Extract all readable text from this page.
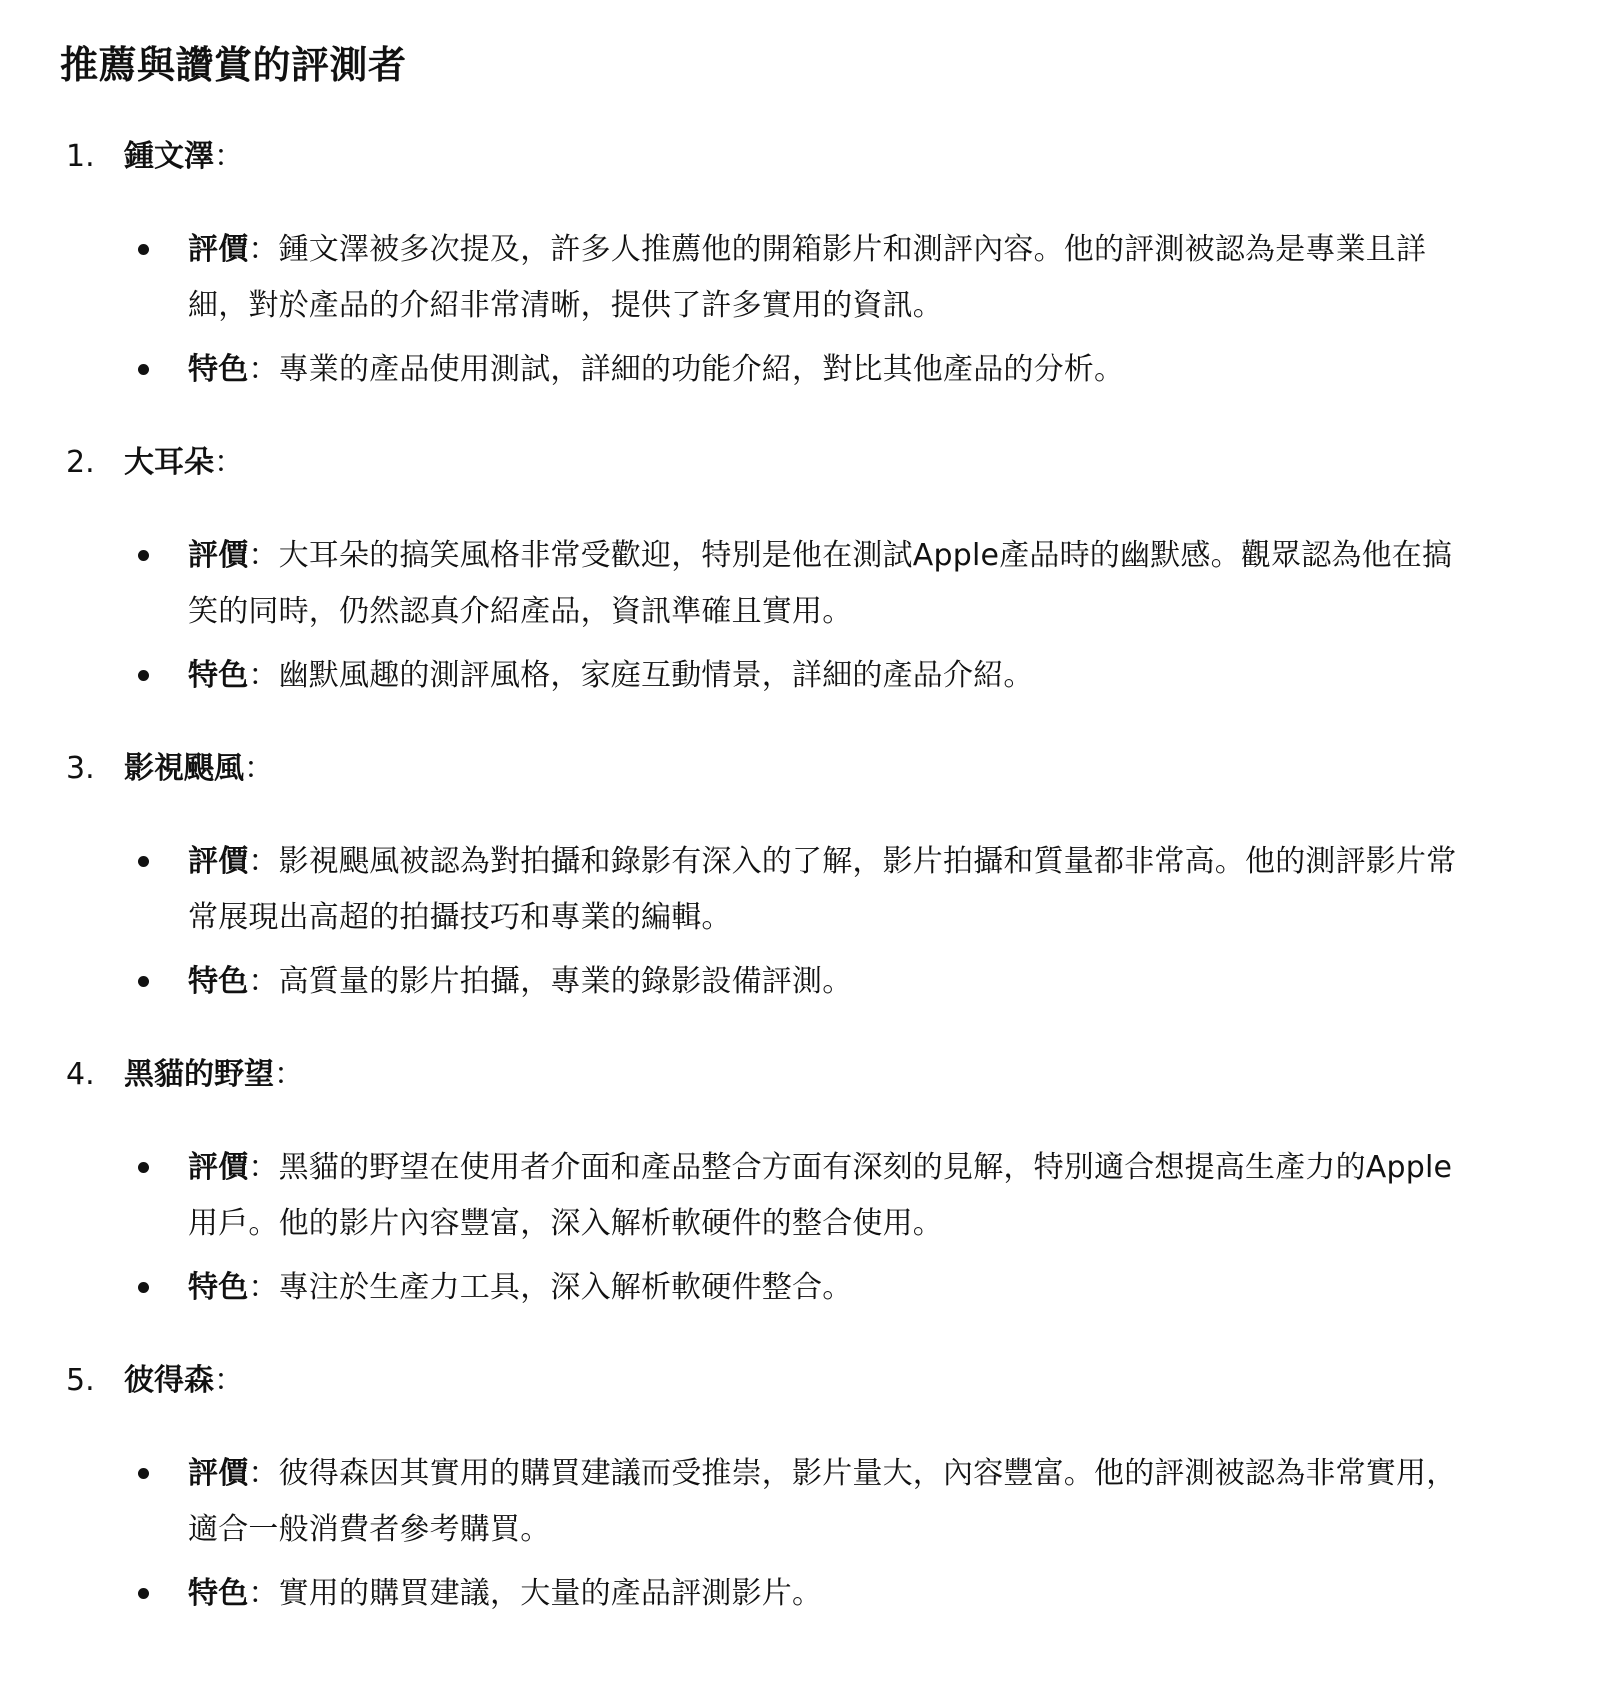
推薦與讚賞的評測者
1. 鍾文澤：
評價：鍾文澤被多次提及，許多人推薦他的開箱影片和測評內容。他的評測被認為是專業且詳細，對於產品的介紹非常清晰，提供了許多實用的資訊。
特色：專業的產品使用測試，詳細的功能介紹，對比其他產品的分析。
2. 大耳朵：
評價：大耳朵的搞笑風格非常受歡迎，特別是他在測試Apple產品時的幽默感。觀眾認為他在搞笑的同時，仍然認真介紹產品，資訊準確且實用。
特色：幽默風趣的測評風格，家庭互動情景，詳細的產品介紹。
3. 影視颶風：
評價：影視颶風被認為對拍攝和錄影有深入的了解，影片拍攝和質量都非常高。他的測評影片常常展現出高超的拍攝技巧和專業的編輯。
特色：高質量的影片拍攝，專業的錄影設備評測。
4. 黑貓的野望：
評價：黑貓的野望在使用者介面和產品整合方面有深刻的見解，特別適合想提高生產力的Apple用戶。他的影片內容豐富，深入解析軟硬件的整合使用。
特色：專注於生產力工具，深入解析軟硬件整合。
5. 彼得森：
評價：彼得森因其實用的購買建議而受推崇，影片量大，內容豐富。他的評測被認為非常實用，適合一般消費者參考購買。
特色：實用的購買建議，大量的產品評測影片。
